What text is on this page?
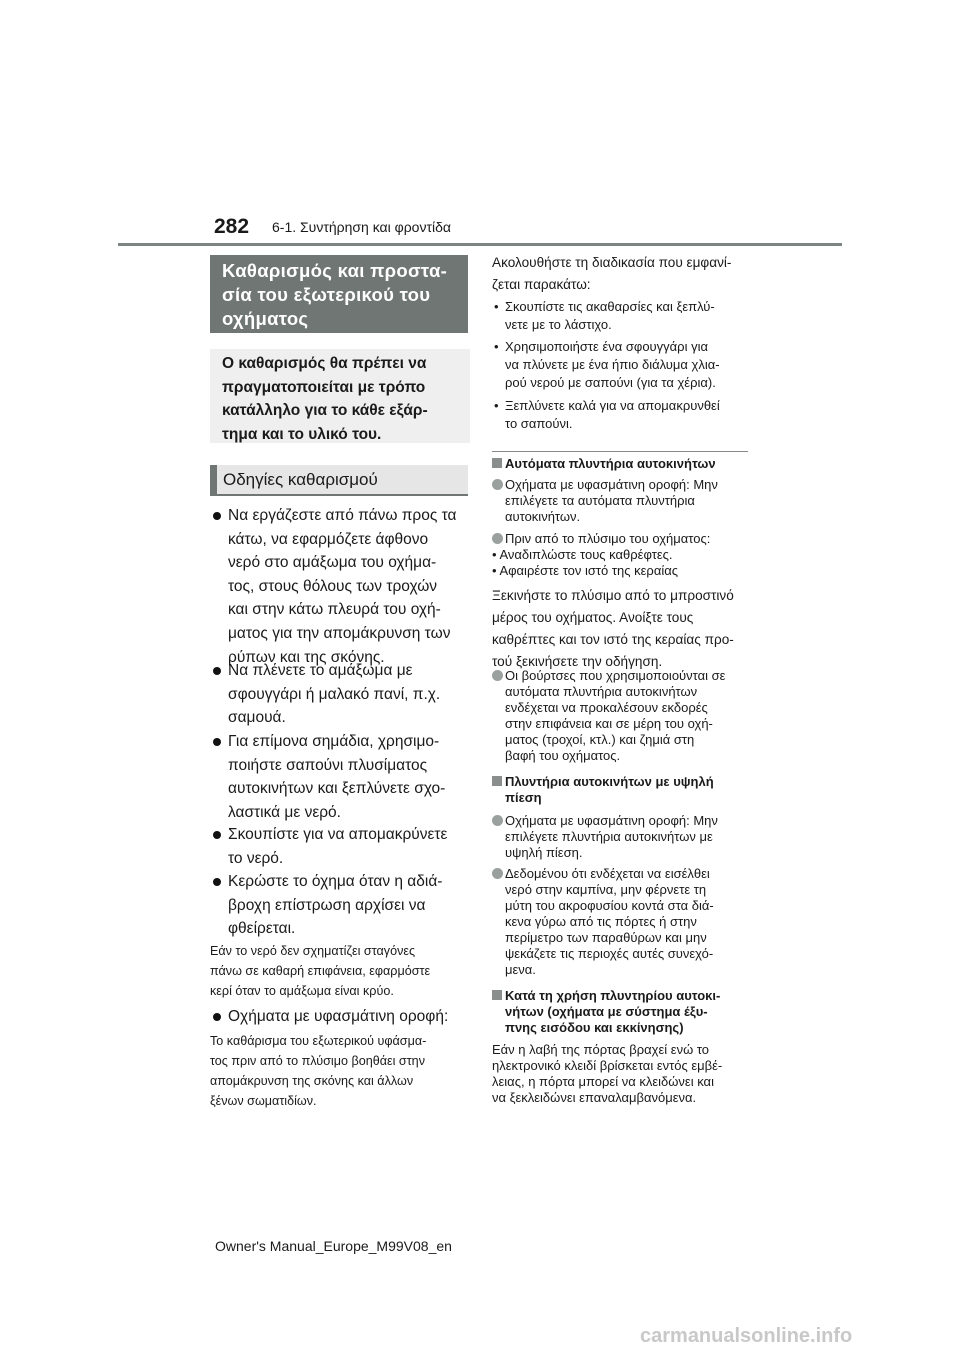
282 6-1. Συντήρηση και φροντίδα
Καθαρισμός και προστα-
σία του εξωτερικού του
οχήματος
Ο καθαρισμός θα πρέπει να
πραγματοποιείται με τρόπο
κατάλληλο για το κάθε εξάρ-
τημα και το υλικό του.
Οδηγίες καθαρισμού
Να εργάζεστε από πάνω προς τα
κάτω, να εφαρμόζετε άφθονο
νερό στο αμάξωμα του οχήμα-
τος, στους θόλους των τροχών
και στην κάτω πλευρά του οχή-
ματος για την απομάκρυνση των
ρύπων και της σκόνης.
Να πλένετε το αμάξωμα με
σφουγγάρι ή μαλακό πανί, π.χ.
σαμουά.
Για επίμονα σημάδια, χρησιμο-
ποιήστε σαπούνι πλυσίματος
αυτοκινήτων και ξεπλύνετε σχο-
λαστικά με νερό.
Σκουπίστε για να απομακρύνετε
το νερό.
Κερώστε το όχημα όταν η αδιά-
βροχη επίστρωση αρχίσει να
φθείρεται.
Εάν το νερό δεν σχηματίζει σταγόνες
πάνω σε καθαρή επιφάνεια, εφαρμόστε
κερί όταν το αμάξωμα είναι κρύο.
Οχήματα με υφασμάτινη οροφή:
Το καθάρισμα του εξωτερικού υφάσμα-
τος πριν από το πλύσιμο βοηθάει στην
απομάκρυνση της σκόνης και άλλων
ξένων σωματιδίων.
Ακολουθήστε τη διαδικασία που εμφανί-
ζεται παρακάτω:
• Σκουπίστε τις ακαθαρσίες και ξεπλύ-
νετε με το λάστιχο.
• Χρησιμοποιήστε ένα σφουγγάρι για
να πλύνετε με ένα ήπιο διάλυμα χλια-
ρού νερού με σαπούνι (για τα χέρια).
• Ξεπλύνετε καλά για να απομακρυνθεί
το σαπούνι.
Αυτόματα πλυντήρια αυτοκινήτων
Οχήματα με υφασμάτινη οροφή: Μην
επιλέγετε τα αυτόματα πλυντήρια
αυτοκινήτων.
Πριν από το πλύσιμο του οχήματος:
• Αναδιπλώστε τους καθρέφτες.
• Αφαιρέστε τον ιστό της κεραίας
Ξεκινήστε το πλύσιμο από το μπροστινό
μέρος του οχήματος. Ανοίξτε τους
καθρέπτες και τον ιστό της κεραίας προ-
τού ξεκινήσετε την οδήγηση.
Οι βούρτσες που χρησιμοποιούνται σε
αυτόματα πλυντήρια αυτοκινήτων
ενδέχεται να προκαλέσουν εκδορές
στην επιφάνεια και σε μέρη του οχή-
ματος (τροχοί, κτλ.) και ζημιά στη
βαφή του οχήματος.
Πλυντήρια αυτοκινήτων με υψηλή
πίεση
Οχήματα με υφασμάτινη οροφή: Μην
επιλέγετε πλυντήρια αυτοκινήτων με
υψηλή πίεση.
Δεδομένου ότι ενδέχεται να εισέλθει
νερό στην καμπίνα, μην φέρνετε τη
μύτη του ακροφυσίου κοντά στα διά-
κενα γύρω από τις πόρτες ή στην
περίμετρο των παραθύρων και μην
ψεκάζετε τις περιοχές αυτές συνεχό-
μενα.
Κατά τη χρήση πλυντηρίου αυτοκι-
νήτων (οχήματα με σύστημα έξυ-
πνης εισόδου και εκκίνησης)
Εάν η λαβή της πόρτας βραχεί ενώ το
ηλεκτρονικό κλειδί βρίσκεται εντός εμβέ-
λειας, η πόρτα μπορεί να κλειδώνει και
να ξεκλειδώνει επαναλαμβανόμενα.
Owner's Manual_Europe_M99V08_en
carmanualsonline.info
